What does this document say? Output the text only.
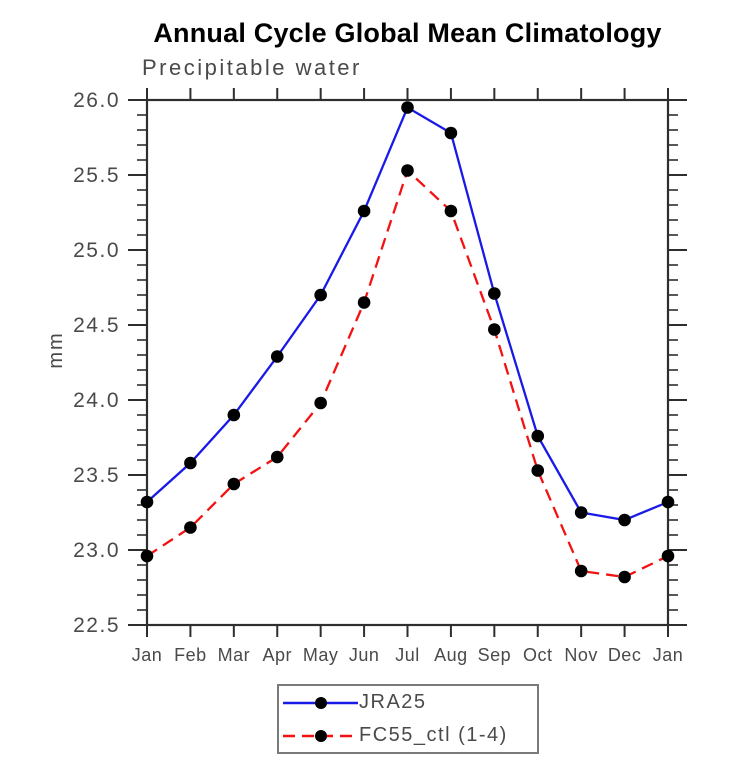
Annual Cycle Global Mean Climatology
Precipitable water
mm
Jan Feb Mar Apr May Jun Jul Aug Sep Oct Nov Dec Jan
26.0
25.5
25.0
24.5
24.0
23.5
23.0
22.5
JRA25
FC55_ctl (1-4)
